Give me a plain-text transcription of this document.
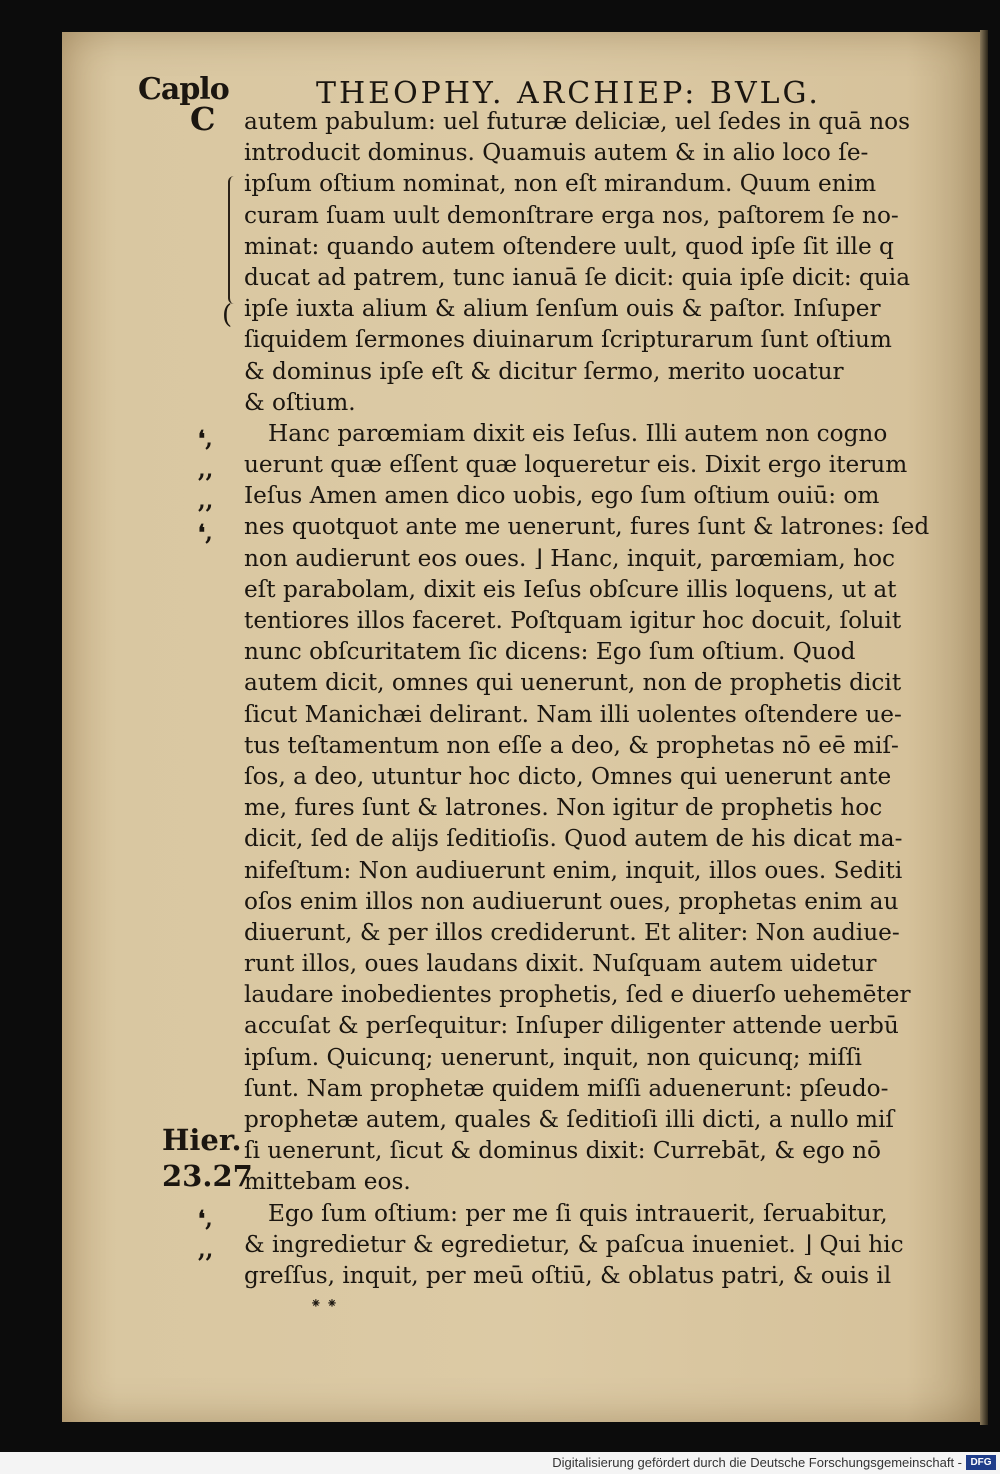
Caplo	THEOPHY. ARCHIEP: BVLG.
C
(
autem pabulum: uel futuræ deliciæ, uel ſedes in quā nos
introducit dominus. Quamuis autem & in alio loco ſe-
ipſum oſtium nominat, non eſt mirandum. Quum enim
curam ſuam uult demonſtrare erga nos, paſtorem ſe no-
minat: quando autem oſtendere uult, quod ipſe ſit ille q
ducat ad patrem, tunc ianuā ſe dicit: quia ipſe dicit: quia
ipſe iuxta alium & alium ſenſum ouis & paſtor. Inſuper
ſiquidem ſermones diuinarum ſcripturarum ſunt oſtium
& dominus ipſe eſt & dicitur ſermo, merito uocatur
& oſtium.
Hanc parœmiam dixit eis Ieſus. Illi autem non cogno
uerunt quæ eſſent quæ loqueretur eis. Dixit ergo iterum
Ieſus Amen amen dico uobis, ego ſum oſtium ouiū: om
nes quotquot ante me uenerunt, fures ſunt & latrones: ſed
non audierunt eos oues. ⌋ Hanc, inquit, parœmiam, hoc
eſt parabolam, dixit eis Ieſus obſcure illis loquens, ut at
tentiores illos faceret. Poſtquam igitur hoc docuit, ſoluit
nunc obſcuritatem ſic dicens: Ego ſum oſtium. Quod
autem dicit, omnes qui uenerunt, non de prophetis dicit
ſicut Manichæi delirant. Nam illi uolentes oſtendere ue-
tus teſtamentum non eſſe a deo, & prophetas nō eē miſ-
ſos, a deo, utuntur hoc dicto, Omnes qui uenerunt ante
me, fures ſunt & latrones. Non igitur de prophetis hoc
dicit, ſed de alijs ſeditioſis. Quod autem de his dicat ma-
nifeſtum: Non audiuerunt enim, inquit, illos oues. Sediti
oſos enim illos non audiuerunt oues, prophetas enim au
diuerunt, & per illos crediderunt. Et aliter: Non audiue-
runt illos, oues laudans dixit. Nuſquam autem uidetur
laudare inobedientes prophetis, ſed e diuerſo uehemēter
accuſat & perſequitur: Inſuper diligenter attende uerbū
ipſum. Quicunq; uenerunt, inquit, non quicunq; miſſi
ſunt. Nam prophetæ quidem miſſi aduenerunt: pſeudo-
prophetæ autem, quales & ſeditioſi illi dicti, a nullo miſ
ſi uenerunt, ſicut & dominus dixit: Currebāt, & ego nō
mittebam eos.
Ego ſum oſtium: per me ſi quis intrauerit, ſeruabitur,
& ingredietur & egredietur, & paſcua inueniet. ⌋ Qui hic
greſſus, inquit, per meū oſtiū, & oblatus patri, & ouis il
❛,
,,
,,
❛,
❛,
,,
Hier.
23.27
⁕ ⁕
Digitalisierung gefördert durch die Deutsche Forschungsgemeinschaft - DFG
